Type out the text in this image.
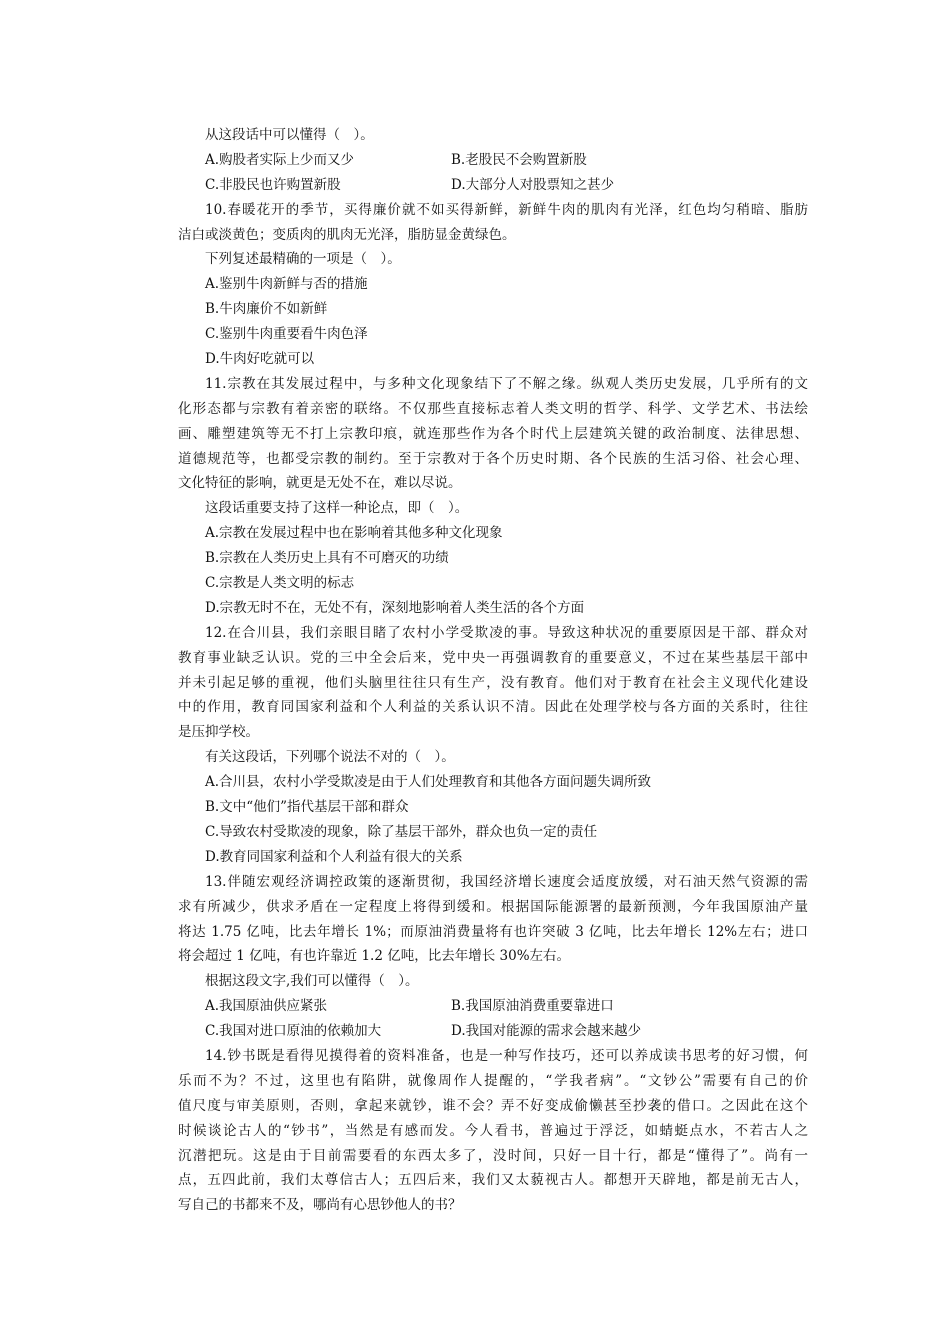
从这段话中可以懂得（　）。
A.购股者实际上少而又少	B.老股民不会购置新股
C.非股民也许购置新股	D.大部分人对股票知之甚少
10.春暖花开的季节，买得廉价就不如买得新鲜，新鲜牛肉的肌肉有光泽，红色均匀稍暗、脂肪
洁白或淡黄色；变质肉的肌肉无光泽，脂肪显金黄绿色。
下列复述最精确的一项是（　）。
A.鉴别牛肉新鲜与否的措施
B.牛肉廉价不如新鲜
C.鉴别牛肉重要看牛肉色泽
D.牛肉好吃就可以
11.宗教在其发展过程中，与多种文化现象结下了不解之缘。纵观人类历史发展，几乎所有的文
化形态都与宗教有着亲密的联络。不仅那些直接标志着人类文明的哲学、科学、文学艺术、书法绘
画、雕塑建筑等无不打上宗教印痕，就连那些作为各个时代上层建筑关键的政治制度、法律思想、
道德规范等，也都受宗教的制约。至于宗教对于各个历史时期、各个民族的生活习俗、社会心理、
文化特征的影响，就更是无处不在，难以尽说。
这段话重要支持了这样一种论点，即（　）。
A.宗教在发展过程中也在影响着其他多种文化现象
B.宗教在人类历史上具有不可磨灭的功绩
C.宗教是人类文明的标志
D.宗教无时不在，无处不有，深刻地影响着人类生活的各个方面
12.在合川县，我们亲眼目睹了农村小学受欺凌的事。导致这种状况的重要原因是干部、群众对
教育事业缺乏认识。党的三中全会后来，党中央一再强调教育的重要意义，不过在某些基层干部中
并未引起足够的重视，他们头脑里往往只有生产，没有教育。他们对于教育在社会主义现代化建设
中的作用，教育同国家利益和个人利益的关系认识不清。因此在处理学校与各方面的关系时，往往
是压抑学校。
有关这段话，下列哪个说法不对的（　）。
A.合川县，农村小学受欺凌是由于人们处理教育和其他各方面问题失调所致
B.文中“他们”指代基层干部和群众
C.导致农村受欺凌的现象，除了基层干部外，群众也负一定的责任
D.教育同国家利益和个人利益有很大的关系
13.伴随宏观经济调控政策的逐渐贯彻，我国经济增长速度会适度放缓，对石油天然气资源的需
求有所减少，供求矛盾在一定程度上将得到缓和。根据国际能源署的最新预测，今年我国原油产量
将达 1.75 亿吨，比去年增长 1%；而原油消费量将有也许突破 3 亿吨，比去年增长 12%左右；进口
将会超过 1 亿吨，有也许靠近 1.2 亿吨，比去年增长 30%左右。
根据这段文字,我们可以懂得（　）。
A.我国原油供应紧张	B.我国原油消费重要靠进口
C.我国对进口原油的依赖加大	D.我国对能源的需求会越来越少
14.钞书既是看得见摸得着的资料准备，也是一种写作技巧，还可以养成读书思考的好习惯，何
乐而不为？不过，这里也有陷阱，就像周作人提醒的，“学我者病”。“文钞公”需要有自己的价
值尺度与审美原则，否则，拿起来就钞，谁不会？弄不好变成偷懒甚至抄袭的借口。之因此在这个
时候谈论古人的“钞书”，当然是有感而发。今人看书，普遍过于浮泛，如蜻蜓点水，不若古人之
沉潜把玩。这是由于目前需要看的东西太多了，没时间，只好一目十行，都是“懂得了”。尚有一
点，五四此前，我们太尊信古人；五四后来，我们又太藐视古人。都想开天辟地，都是前无古人，
写自己的书都来不及，哪尚有心思钞他人的书？
